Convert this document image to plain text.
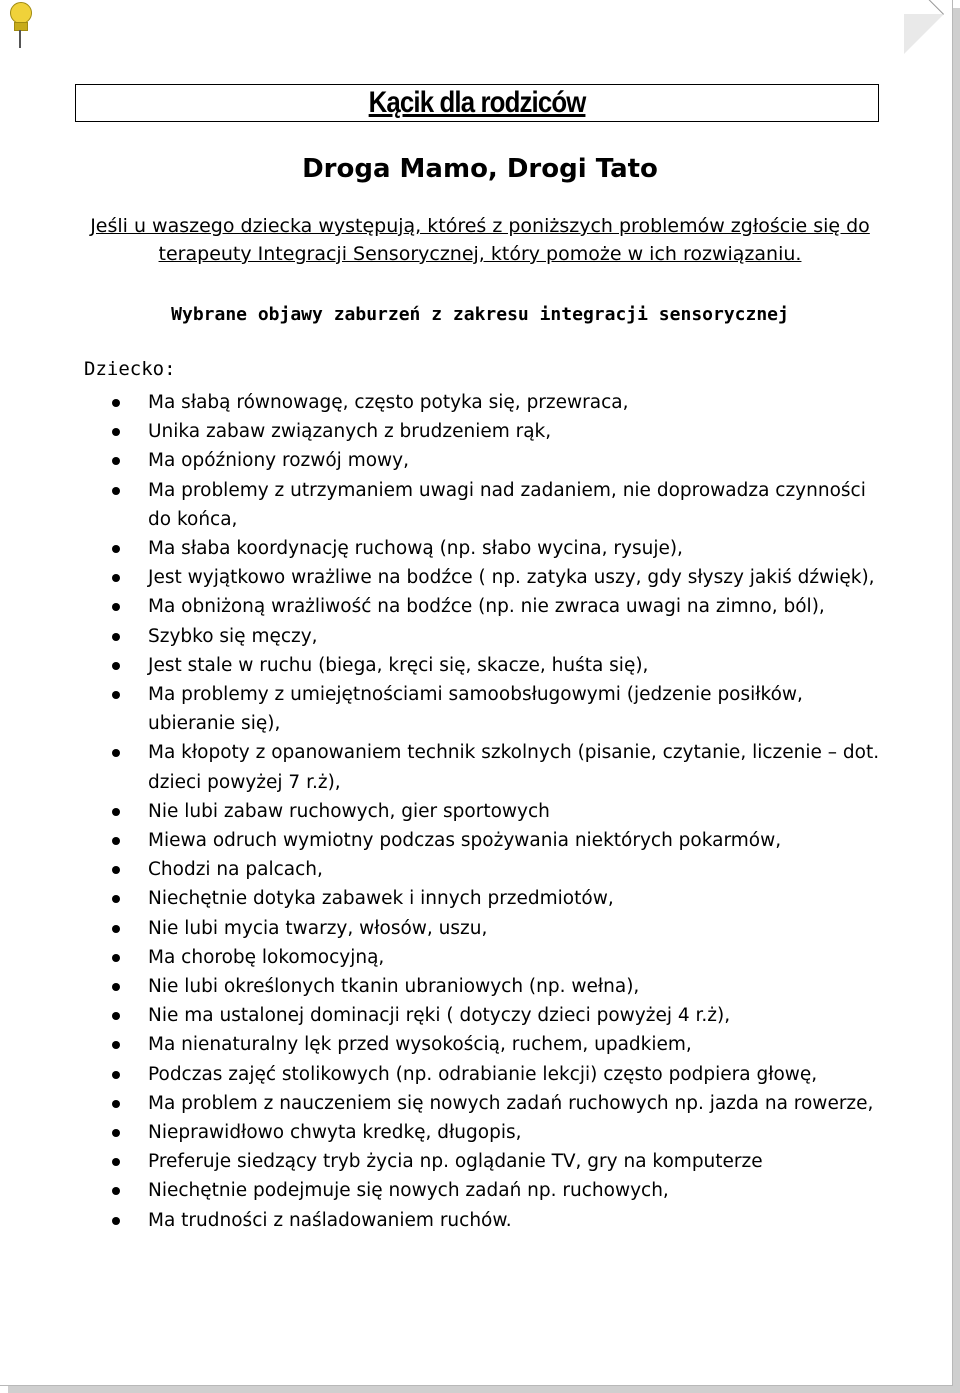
Kącik dla rodziców
Droga Mamo, Drogi Tato
Jeśli u waszego dziecka występują, któreś z poniższych problemów zgłoście się do terapeuty Integracji Sensorycznej, który pomoże w ich rozwiązaniu.
Wybrane objawy zaburzeń z zakresu integracji sensorycznej
Dziecko:
Ma słabą równowagę, często potyka się, przewraca,
Unika zabaw związanych z brudzeniem rąk,
Ma opóźniony rozwój mowy,
Ma problemy z utrzymaniem uwagi nad zadaniem, nie doprowadza czynności do końca,
Ma słaba koordynację ruchową (np. słabo wycina, rysuje),
Jest wyjątkowo wrażliwe na bodźce ( np. zatyka uszy, gdy słyszy jakiś dźwięk),
Ma obniżoną wrażliwość na bodźce (np. nie zwraca uwagi na zimno, ból),
Szybko się męczy,
Jest stale w ruchu (biega, kręci się, skacze, huśta się),
Ma problemy z umiejętnościami samoobsługowymi (jedzenie posiłków, ubieranie się),
Ma kłopoty z opanowaniem technik szkolnych (pisanie, czytanie, liczenie – dot. dzieci powyżej 7 r.ż),
Nie lubi zabaw ruchowych, gier sportowych
Miewa odruch wymiotny podczas spożywania niektórych pokarmów,
Chodzi na palcach,
Niechętnie dotyka zabawek i innych przedmiotów,
Nie lubi mycia twarzy, włosów, uszu,
Ma chorobę lokomocyjną,
Nie lubi określonych tkanin ubraniowych (np. wełna),
Nie ma ustalonej dominacji ręki ( dotyczy dzieci powyżej 4 r.ż),
Ma nienaturalny lęk przed wysokością, ruchem, upadkiem,
Podczas zajęć stolikowych (np. odrabianie lekcji) często podpiera głowę,
Ma problem z nauczeniem się nowych zadań ruchowych np. jazda na rowerze,
Nieprawidłowo chwyta kredkę, długopis,
Preferuje siedzący tryb życia np. oglądanie TV, gry na komputerze
Niechętnie podejmuje się nowych zadań np. ruchowych,
Ma trudności z naśladowaniem ruchów.
